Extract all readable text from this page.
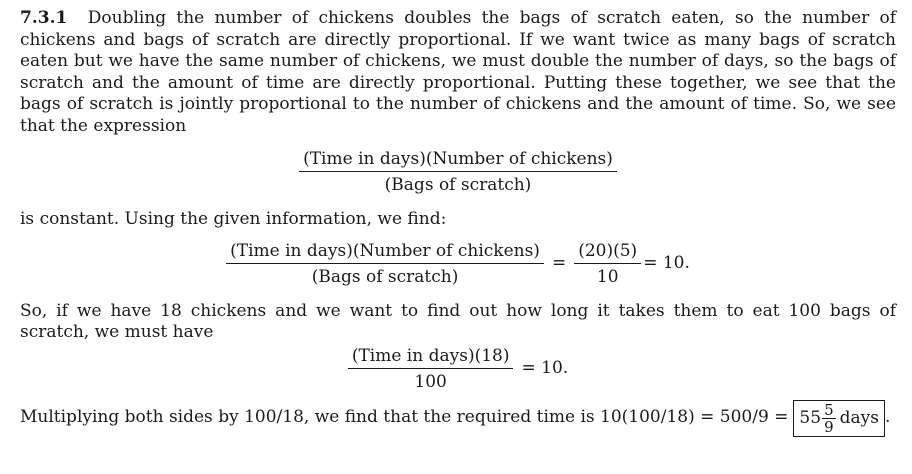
7.3.1 Doubling the number of chickens doubles the bags of scratch eaten, so the number of chickens and bags of scratch are directly proportional. If we want twice as many bags of scratch eaten but we have the same number of chickens, we must double the number of days, so the bags of scratch and the amount of time are directly proportional. Putting these together, we see that the bags of scratch is jointly proportional to the number of chickens and the amount of time. So, we see that the expression

$\frac{\text{(Time in days)(Number of chickens)}}{\text{(Bags of scratch)}}$

is constant. Using the given information, we find:

$\frac{\text{(Time in days)(Number of chickens)}}{\text{(Bags of scratch)}} = \frac{(20)(5)}{10} = 10$.

So, if we have 18 chickens and we want to find out how long it takes them to eat 100 bags of scratch, we must have

$\frac{\text{(Time in days)(18)}}{100} = 10$.
Multiplying both sides by 100/18, we find that the required time is $10(100/18) = 500/9 = 55 \frac{5}{9}$ days .
